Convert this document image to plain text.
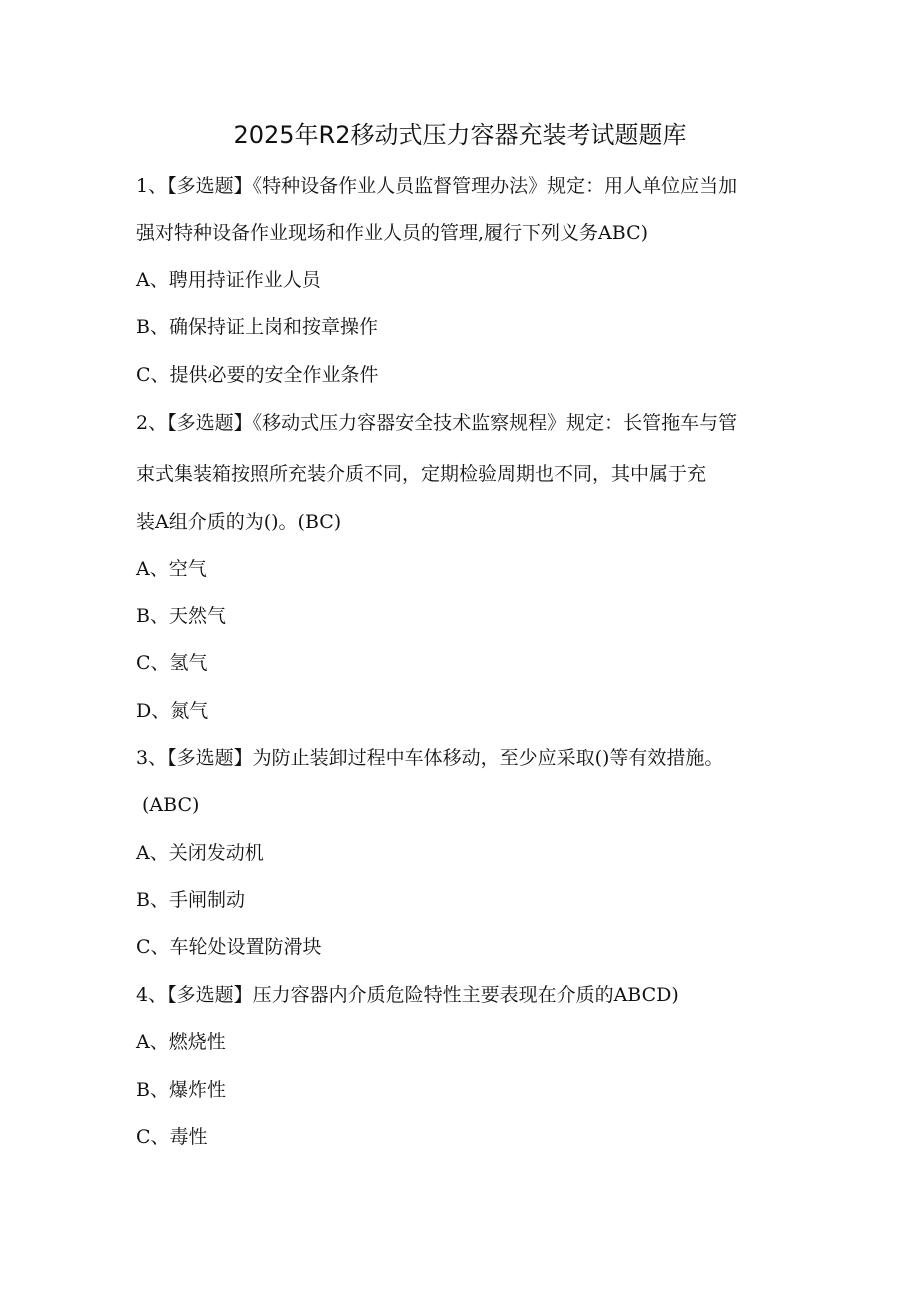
2025年R2移动式压力容器充装考试题题库
1、【多选题】《特种设备作业人员监督管理办法》规定：用人单位应当加
强对特种设备作业现场和作业人员的管理,履行下列义务ABC)
A、聘用持证作业人员
B、确保持证上岗和按章操作
C、提供必要的安全作业条件
2、【多选题】《移动式压力容器安全技术监察规程》规定：长管拖车与管
束式集装箱按照所充装介质不同，定期检验周期也不同，其中属于充
装A组介质的为()。(BC)
A、空气
B、天然气
C、氢气
D、氮气
3、【多选题】为防止装卸过程中车体移动，至少应采取()等有效措施。
(ABC)
A、关闭发动机
B、手闸制动
C、车轮处设置防滑块
4、【多选题】压力容器内介质危险特性主要表现在介质的ABCD)
A、燃烧性
B、爆炸性
C、毒性
